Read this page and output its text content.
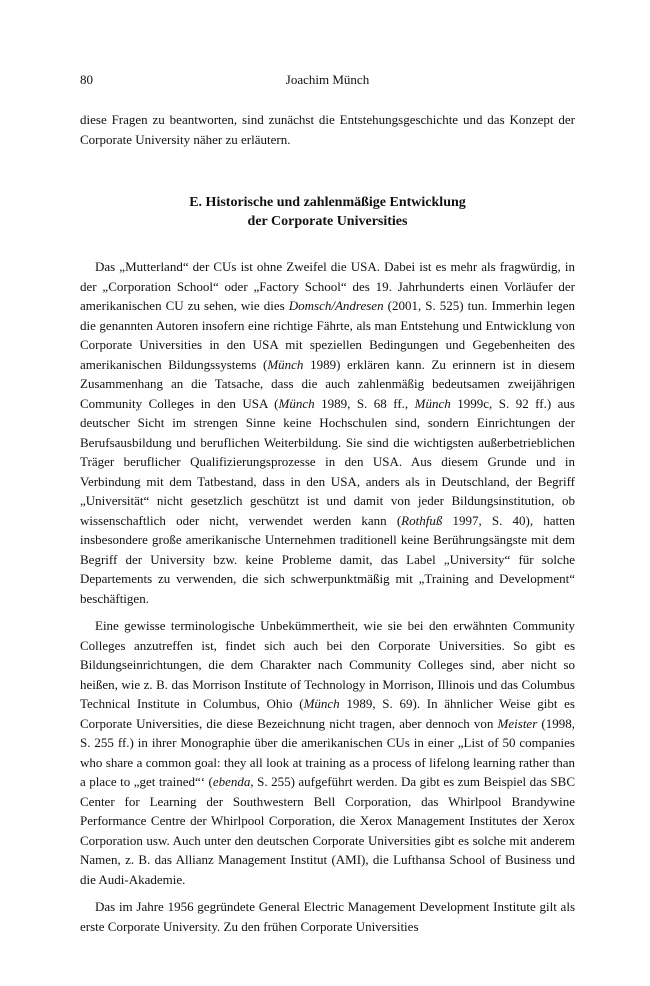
80	Joachim Münch

diese Fragen zu beantworten, sind zunächst die Entstehungsgeschichte und das Konzept der Corporate University näher zu erläutern.

E. Historische und zahlenmäßige Entwicklung
der Corporate Universities

Das „Mutterland“ der CUs ist ohne Zweifel die USA. Dabei ist es mehr als fragwürdig, in der „Corporation School“ oder „Factory School“ des 19. Jahrhunderts einen Vorläufer der amerikanischen CU zu sehen, wie dies Domsch/Andresen (2001, S. 525) tun. Immerhin legen die genannten Autoren insofern eine richtige Fährte, als man Entstehung und Entwicklung von Corporate Universities in den USA mit speziellen Bedingungen und Gegebenheiten des amerikanischen Bildungssystems (Münch 1989) erklären kann. Zu erinnern ist in diesem Zusammenhang an die Tatsache, dass die auch zahlenmäßig bedeutsamen zweijährigen Community Colleges in den USA (Münch 1989, S. 68 ff., Münch 1999c, S. 92 ff.) aus deutscher Sicht im strengen Sinne keine Hochschulen sind, sondern Einrichtungen der Berufsausbildung und beruflichen Weiterbildung. Sie sind die wichtigsten außerbetrieblichen Träger beruflicher Qualifizierungsprozesse in den USA. Aus diesem Grunde und in Verbindung mit dem Tatbestand, dass in den USA, anders als in Deutschland, der Begriff „Universität“ nicht gesetzlich geschützt ist und damit von jeder Bildungsinstitution, ob wissenschaftlich oder nicht, verwendet werden kann (Rothfuß 1997, S. 40), hatten insbesondere große amerikanische Unternehmen traditionell keine Berührungsängste mit dem Begriff der University bzw. keine Probleme damit, das Label „University“ für solche Departements zu verwenden, die sich schwerpunktmäßig mit „Training and Development“ beschäftigen.

Eine gewisse terminologische Unbekümmertheit, wie sie bei den erwähnten Community Colleges anzutreffen ist, findet sich auch bei den Corporate Universities. So gibt es Bildungseinrichtungen, die dem Charakter nach Community Colleges sind, aber nicht so heißen, wie z. B. das Morrison Institute of Technology in Morrison, Illinois und das Columbus Technical Institute in Columbus, Ohio (Münch 1989, S. 69). In ähnlicher Weise gibt es Corporate Universities, die diese Bezeichnung nicht tragen, aber dennoch von Meister (1998, S. 255 ff.) in ihrer Monographie über die amerikanischen CUs in einer „List of 50 companies who share a common goal: they all look at training as a process of lifelong learning rather than a place to „get trained“‘ (ebenda, S. 255) aufgeführt werden. Da gibt es zum Beispiel das SBC Center for Learning der Southwestern Bell Corporation, das Whirlpool Brandywine Performance Centre der Whirlpool Corporation, die Xerox Management Institutes der Xerox Corporation usw. Auch unter den deutschen Corporate Universities gibt es solche mit anderem Namen, z. B. das Allianz Management Institut (AMI), die Lufthansa School of Business und die Audi-Akademie.

Das im Jahre 1956 gegründete General Electric Management Development Institute gilt als erste Corporate University. Zu den frühen Corporate Universities
